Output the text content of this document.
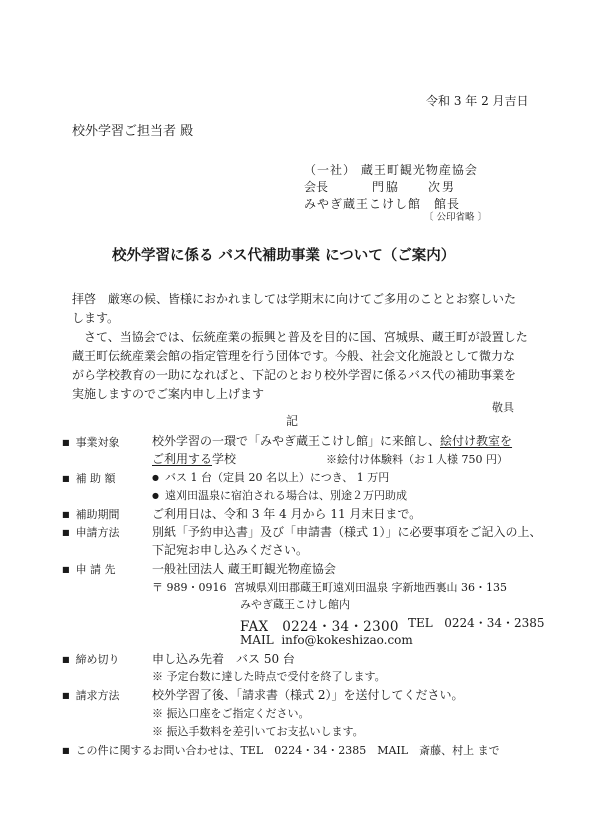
令和 3 年 2 月吉日
校外学習ご担当者 殿
（一社） 蔵王町観光物産協会
会長	門脇　　次男
みやぎ蔵王こけし館　館長
〔 公印省略 〕
校外学習に係る バス代補助事業 について（ご案内）
拝啓　厳寒の候、皆様におかれましては学期末に向けてご多用のこととお察しいた
します。
　さて、当協会では、伝統産業の振興と普及を目的に国、宮城県、蔵王町が設置した
蔵王町伝統産業会館の指定管理を行う団体です。今般、社会文化施設として微力な
がら学校教育の一助になればと、下記のとおり校外学習に係るバス代の補助事業を
実施しますのでご案内申し上げます
敬具
記
■ 事業対象	校外学習の一環で「みやぎ蔵王こけし館」に来館し、絵付け教室を
ご利用する学校	※絵付け体験料（お１人様 750 円）
■ 補 助 額	● バス 1 台（定員 20 名以上）につき、 1 万円
● 遠刈田温泉に宿泊される場合は、別途２万円助成
■ 補助期間	ご利用日は、令和 3 年 4 月から 11 月末日まで。
■ 申請方法	別紙「予約申込書」及び「申請書（様式 1）」に必要事項をご記入の上、
下記宛お申し込みください。
■ 申 請 先	一般社団法人 蔵王町観光物産協会
〒 989・0916 宮城県刈田郡蔵王町遠刈田温泉 字新地西裏山 36・135
みやぎ蔵王こけし館内
FAX 0224・34・2300 TEL 0224・34・2385
MAIL info@kokeshizao.com
■ 締め切り	申し込み先着　バス 50 台
※ 予定台数に達した時点で受付を終了します。
■ 請求方法	校外学習了後、「請求書（様式 2）」を送付してください。
※ 振込口座をご指定ください。
※ 振込手数料を差引いてお支払いします。
■ この件に関するお問い合わせは、TEL　0224・34・2385　MAIL　斎藤、村上 まで
